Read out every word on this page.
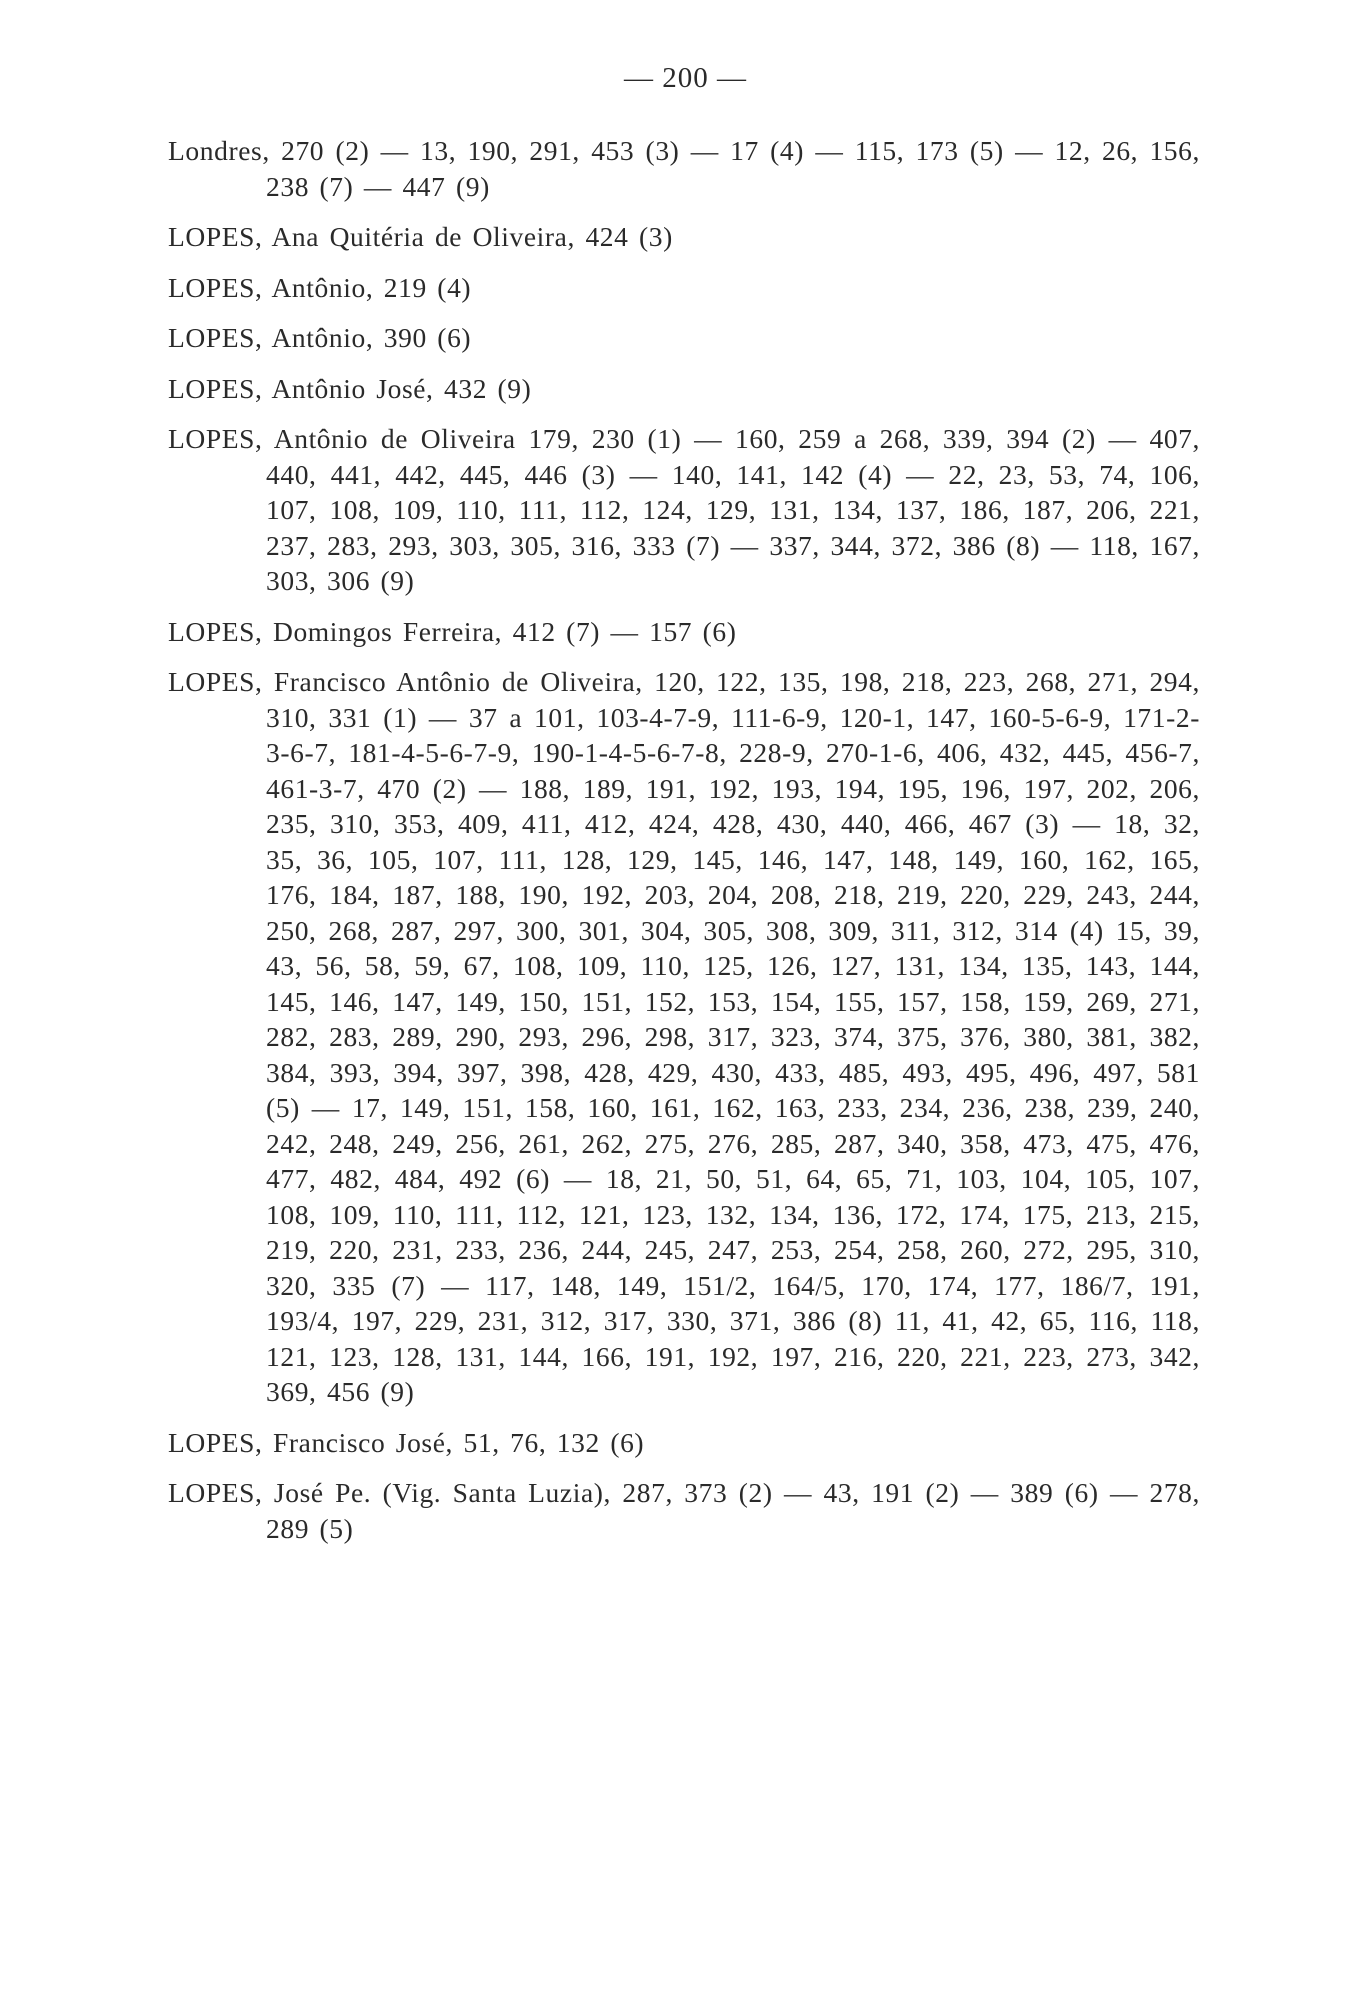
— 200 —

Londres, 270 (2) — 13, 190, 291, 453 (3) — 17 (4) — 115, 173 (5) — 12, 26, 156, 238 (7) — 447 (9)

LOPES, Ana Quitéria de Oliveira, 424 (3)

LOPES, Antônio, 219 (4)

LOPES, Antônio, 390 (6)

LOPES, Antônio José, 432 (9)

LOPES, Antônio de Oliveira 179, 230 (1) — 160, 259 a 268, 339, 394 (2) — 407, 440, 441, 442, 445, 446 (3) — 140, 141, 142 (4) — 22, 23, 53, 74, 106, 107, 108, 109, 110, 111, 112, 124, 129, 131, 134, 137, 186, 187, 206, 221, 237, 283, 293, 303, 305, 316, 333 (7) — 337, 344, 372, 386 (8) — 118, 167, 303, 306 (9)

LOPES, Domingos Ferreira, 412 (7) — 157 (6)

LOPES, Francisco Antônio de Oliveira, 120, 122, 135, 198, 218, 223, 268, 271, 294, 310, 331 (1) — 37 a 101, 103-4-7-9, 111-6-9, 120-1, 147, 160-5-6-9, 171-2-3-6-7, 181-4-5-6-7-9, 190-1-4-5-6-7-8, 228-9, 270-1-6, 406, 432, 445, 456-7, 461-3-7, 470 (2) — 188, 189, 191, 192, 193, 194, 195, 196, 197, 202, 206, 235, 310, 353, 409, 411, 412, 424, 428, 430, 440, 466, 467 (3) — 18, 32, 35, 36, 105, 107, 111, 128, 129, 145, 146, 147, 148, 149, 160, 162, 165, 176, 184, 187, 188, 190, 192, 203, 204, 208, 218, 219, 220, 229, 243, 244, 250, 268, 287, 297, 300, 301, 304, 305, 308, 309, 311, 312, 314 (4) 15, 39, 43, 56, 58, 59, 67, 108, 109, 110, 125, 126, 127, 131, 134, 135, 143, 144, 145, 146, 147, 149, 150, 151, 152, 153, 154, 155, 157, 158, 159, 269, 271, 282, 283, 289, 290, 293, 296, 298, 317, 323, 374, 375, 376, 380, 381, 382, 384, 393, 394, 397, 398, 428, 429, 430, 433, 485, 493, 495, 496, 497, 581 (5) — 17, 149, 151, 158, 160, 161, 162, 163, 233, 234, 236, 238, 239, 240, 242, 248, 249, 256, 261, 262, 275, 276, 285, 287, 340, 358, 473, 475, 476, 477, 482, 484, 492 (6) — 18, 21, 50, 51, 64, 65, 71, 103, 104, 105, 107, 108, 109, 110, 111, 112, 121, 123, 132, 134, 136, 172, 174, 175, 213, 215, 219, 220, 231, 233, 236, 244, 245, 247, 253, 254, 258, 260, 272, 295, 310, 320, 335 (7) — 117, 148, 149, 151/2, 164/5, 170, 174, 177, 186/7, 191, 193/4, 197, 229, 231, 312, 317, 330, 371, 386 (8) 11, 41, 42, 65, 116, 118, 121, 123, 128, 131, 144, 166, 191, 192, 197, 216, 220, 221, 223, 273, 342, 369, 456 (9)

LOPES, Francisco José, 51, 76, 132 (6)

LOPES, José Pe. (Vig. Santa Luzia), 287, 373 (2) — 43, 191 (2) — 389 (6) — 278, 289 (5)
